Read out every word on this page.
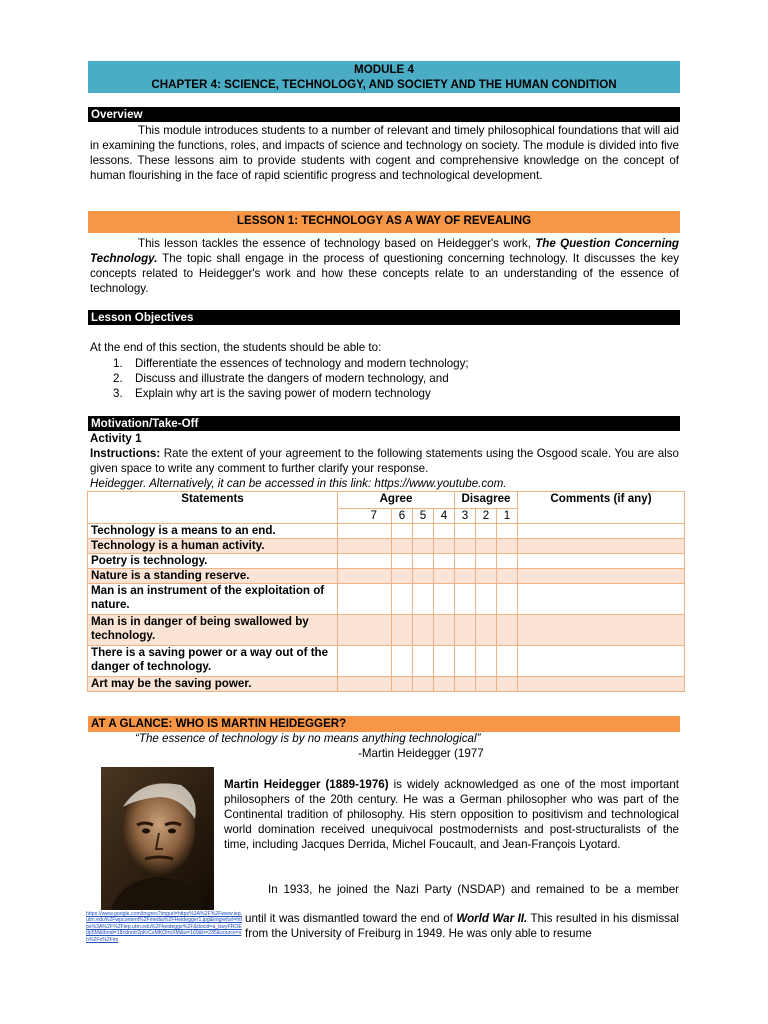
MODULE 4
CHAPTER 4: SCIENCE, TECHNOLOGY, AND SOCIETY AND THE HUMAN CONDITION
Overview
This module introduces students to a number of relevant and timely philosophical foundations that will aid in examining the functions, roles, and impacts of science and technology on society. The module is divided into five lessons. These lessons aim to provide students with cogent and comprehensive knowledge on the concept of human flourishing in the face of rapid scientific progress and technological development.
LESSON 1: TECHNOLOGY AS A WAY OF REVEALING
This lesson tackles the essence of technology based on Heidegger's work, The Question Concerning Technology. The topic shall engage in the process of questioning concerning technology. It discusses the key concepts related to Heidegger's work and how these concepts relate to an understanding of the essence of technology.
Lesson Objectives
At the end of this section, the students should be able to:
1. Differentiate the essences of technology and modern technology;
2. Discuss and illustrate the dangers of modern technology, and
3. Explain why art is the saving power of modern technology
Motivation/Take-Off
Activity 1
Instructions: Rate the extent of your agreement to the following statements using the Osgood scale. You are also given space to write any comment to further clarify your response.
Heidegger. Alternatively, it can be accessed in this link: https://www.youtube.com.
Statements	Agree				Disagree			Comments (if any)
	7	6	5	4	3	2	1	
Technology is a means to an end.								
Technology is a human activity.								
Poetry is technology.								
Nature is a standing reserve.								
Man is an instrument of the exploitation of nature.								
Man is in danger of being swallowed by technology.								
There is a saving power or a way out of the danger of technology.								
Art may be the saving power.								
AT A GLANCE: WHO IS MARTIN HEIDEGGER?
“The essence of technology is by no means anything technological”
-Martin Heidegger (1977
https://www.google.com/imgres?imgurl=https%3A%2F%2Fwww.iep.utm.edu%2Fwpcontent%2Fmedia%2FHeidegger1.jpg&imgrefurl=https%3A%2F%2Fiep.utm.edu%2Fheidegge%2F&docid=a_bwyFROEdp5M&tbnid=18cdnrdr2pKrCxMKOtrsXM&w=169&h=235&source=sh%2Fx%2Fim
Martin Heidegger (1889-1976) is widely acknowledged as one of the most important philosophers of the 20th century. He was a German philosopher who was part of the Continental tradition of philosophy. His stern opposition to positivism and technological world domination received unequivocal postmodernists and post-structuralists of the time, including Jacques Derrida, Michel Foucault, and Jean-François Lyotard.
In 1933, he joined the Nazi Party (NSDAP) and remained to be a member
until it was dismantled toward the end of World War II. This resulted in his dismissal from the University of Freiburg in 1949. He was only able to resume
